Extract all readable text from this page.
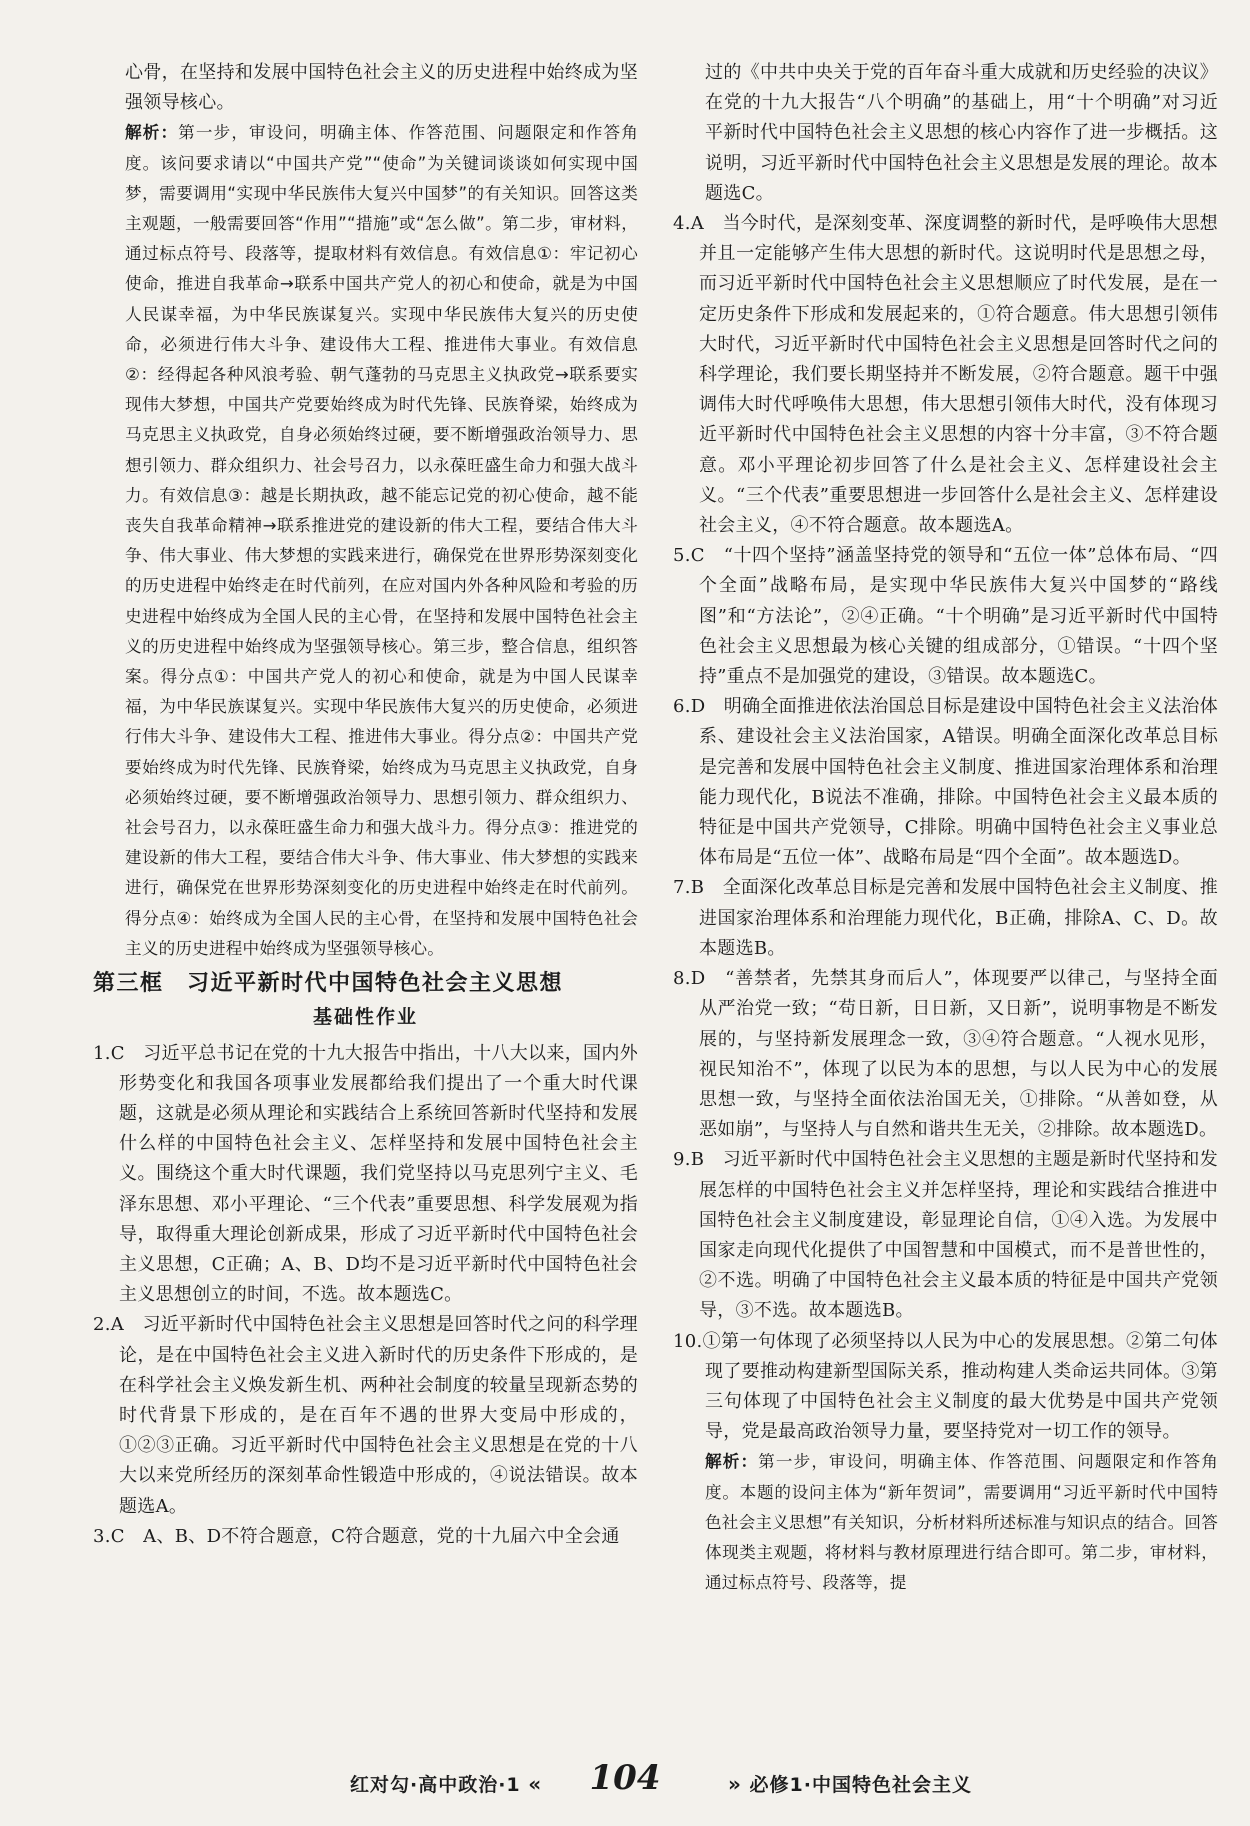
心骨，在坚持和发展中国特色社会主义的历史进程中始终成为坚强领导核心。

解析：第一步，审设问，明确主体、作答范围、问题限定和作答角度。该问要求请以“中国共产党”“使命”为关键词谈谈如何实现中国梦，需要调用“实现中华民族伟大复兴中国梦”的有关知识。回答这类主观题，一般需要回答“作用”“措施”或“怎么做”。第二步，审材料，通过标点符号、段落等，提取材料有效信息。有效信息①：牢记初心使命，推进自我革命→联系中国共产党人的初心和使命，就是为中国人民谋幸福，为中华民族谋复兴。实现中华民族伟大复兴的历史使命，必须进行伟大斗争、建设伟大工程、推进伟大事业。有效信息②：经得起各种风浪考验、朝气蓬勃的马克思主义执政党→联系要实现伟大梦想，中国共产党要始终成为时代先锋、民族脊梁，始终成为马克思主义执政党，自身必须始终过硬，要不断增强政治领导力、思想引领力、群众组织力、社会号召力，以永葆旺盛生命力和强大战斗力。有效信息③：越是长期执政，越不能忘记党的初心使命，越不能丧失自我革命精神→联系推进党的建设新的伟大工程，要结合伟大斗争、伟大事业、伟大梦想的实践来进行，确保党在世界形势深刻变化的历史进程中始终走在时代前列，在应对国内外各种风险和考验的历史进程中始终成为全国人民的主心骨，在坚持和发展中国特色社会主义的历史进程中始终成为坚强领导核心。第三步，整合信息，组织答案。得分点①：中国共产党人的初心和使命，就是为中国人民谋幸福，为中华民族谋复兴。实现中华民族伟大复兴的历史使命，必须进行伟大斗争、建设伟大工程、推进伟大事业。得分点②：中国共产党要始终成为时代先锋、民族脊梁，始终成为马克思主义执政党，自身必须始终过硬，要不断增强政治领导力、思想引领力、群众组织力、社会号召力，以永葆旺盛生命力和强大战斗力。得分点③：推进党的建设新的伟大工程，要结合伟大斗争、伟大事业、伟大梦想的实践来进行，确保党在世界形势深刻变化的历史进程中始终走在时代前列。得分点④：始终成为全国人民的主心骨，在坚持和发展中国特色社会主义的历史进程中始终成为坚强领导核心。

第三框　习近平新时代中国特色社会主义思想
基础性作业

1.C　习近平总书记在党的十九大报告中指出，十八大以来，国内外形势变化和我国各项事业发展都给我们提出了一个重大时代课题，这就是必须从理论和实践结合上系统回答新时代坚持和发展什么样的中国特色社会主义、怎样坚持和发展中国特色社会主义。围绕这个重大时代课题，我们党坚持以马克思列宁主义、毛泽东思想、邓小平理论、“三个代表”重要思想、科学发展观为指导，取得重大理论创新成果，形成了习近平新时代中国特色社会主义思想，C正确；A、B、D均不是习近平新时代中国特色社会主义思想创立的时间，不选。故本题选C。

2.A　习近平新时代中国特色社会主义思想是回答时代之问的科学理论，是在中国特色社会主义进入新时代的历史条件下形成的，是在科学社会主义焕发新生机、两种社会制度的较量呈现新态势的时代背景下形成的，是在百年不遇的世界大变局中形成的，①②③正确。习近平新时代中国特色社会主义思想是在党的十八大以来党所经历的深刻革命性锻造中形成的，④说法错误。故本题选A。

3.C　A、B、D不符合题意，C符合题意，党的十九届六中全会通

过的《中共中央关于党的百年奋斗重大成就和历史经验的决议》在党的十九大报告“八个明确”的基础上，用“十个明确”对习近平新时代中国特色社会主义思想的核心内容作了进一步概括。这说明，习近平新时代中国特色社会主义思想是发展的理论。故本题选C。

4.A　当今时代，是深刻变革、深度调整的新时代，是呼唤伟大思想并且一定能够产生伟大思想的新时代。这说明时代是思想之母，而习近平新时代中国特色社会主义思想顺应了时代发展，是在一定历史条件下形成和发展起来的，①符合题意。伟大思想引领伟大时代，习近平新时代中国特色社会主义思想是回答时代之问的科学理论，我们要长期坚持并不断发展，②符合题意。题干中强调伟大时代呼唤伟大思想，伟大思想引领伟大时代，没有体现习近平新时代中国特色社会主义思想的内容十分丰富，③不符合题意。邓小平理论初步回答了什么是社会主义、怎样建设社会主义。“三个代表”重要思想进一步回答什么是社会主义、怎样建设社会主义，④不符合题意。故本题选A。

5.C　“十四个坚持”涵盖坚持党的领导和“五位一体”总体布局、“四个全面”战略布局，是实现中华民族伟大复兴中国梦的“路线图”和“方法论”，②④正确。“十个明确”是习近平新时代中国特色社会主义思想最为核心关键的组成部分，①错误。“十四个坚持”重点不是加强党的建设，③错误。故本题选C。

6.D　明确全面推进依法治国总目标是建设中国特色社会主义法治体系、建设社会主义法治国家，A错误。明确全面深化改革总目标是完善和发展中国特色社会主义制度、推进国家治理体系和治理能力现代化，B说法不准确，排除。中国特色社会主义最本质的特征是中国共产党领导，C排除。明确中国特色社会主义事业总体布局是“五位一体”、战略布局是“四个全面”。故本题选D。

7.B　全面深化改革总目标是完善和发展中国特色社会主义制度、推进国家治理体系和治理能力现代化，B正确，排除A、C、D。故本题选B。

8.D　“善禁者，先禁其身而后人”，体现要严以律己，与坚持全面从严治党一致；“苟日新，日日新，又日新”，说明事物是不断发展的，与坚持新发展理念一致，③④符合题意。“人视水见形，视民知治不”，体现了以民为本的思想，与以人民为中心的发展思想一致，与坚持全面依法治国无关，①排除。“从善如登，从恶如崩”，与坚持人与自然和谐共生无关，②排除。故本题选D。

9.B　习近平新时代中国特色社会主义思想的主题是新时代坚持和发展怎样的中国特色社会主义并怎样坚持，理论和实践结合推进中国特色社会主义制度建设，彰显理论自信，①④入选。为发展中国家走向现代化提供了中国智慧和中国模式，而不是普世性的，②不选。明确了中国特色社会主义最本质的特征是中国共产党领导，③不选。故本题选B。

10.①第一句体现了必须坚持以人民为中心的发展思想。②第二句体现了要推动构建新型国际关系，推动构建人类命运共同体。③第三句体现了中国特色社会主义制度的最大优势是中国共产党领导，党是最高政治领导力量，要坚持党对一切工作的领导。

解析：第一步，审设问，明确主体、作答范围、问题限定和作答角度。本题的设问主体为“新年贺词”，需要调用“习近平新时代中国特色社会主义思想”有关知识，分析材料所述标准与知识点的结合。回答体现类主观题，将材料与教材原理进行结合即可。第二步，审材料，通过标点符号、段落等，提

红对勾·高中政治·1 «	104	» 必修1·中国特色社会主义
